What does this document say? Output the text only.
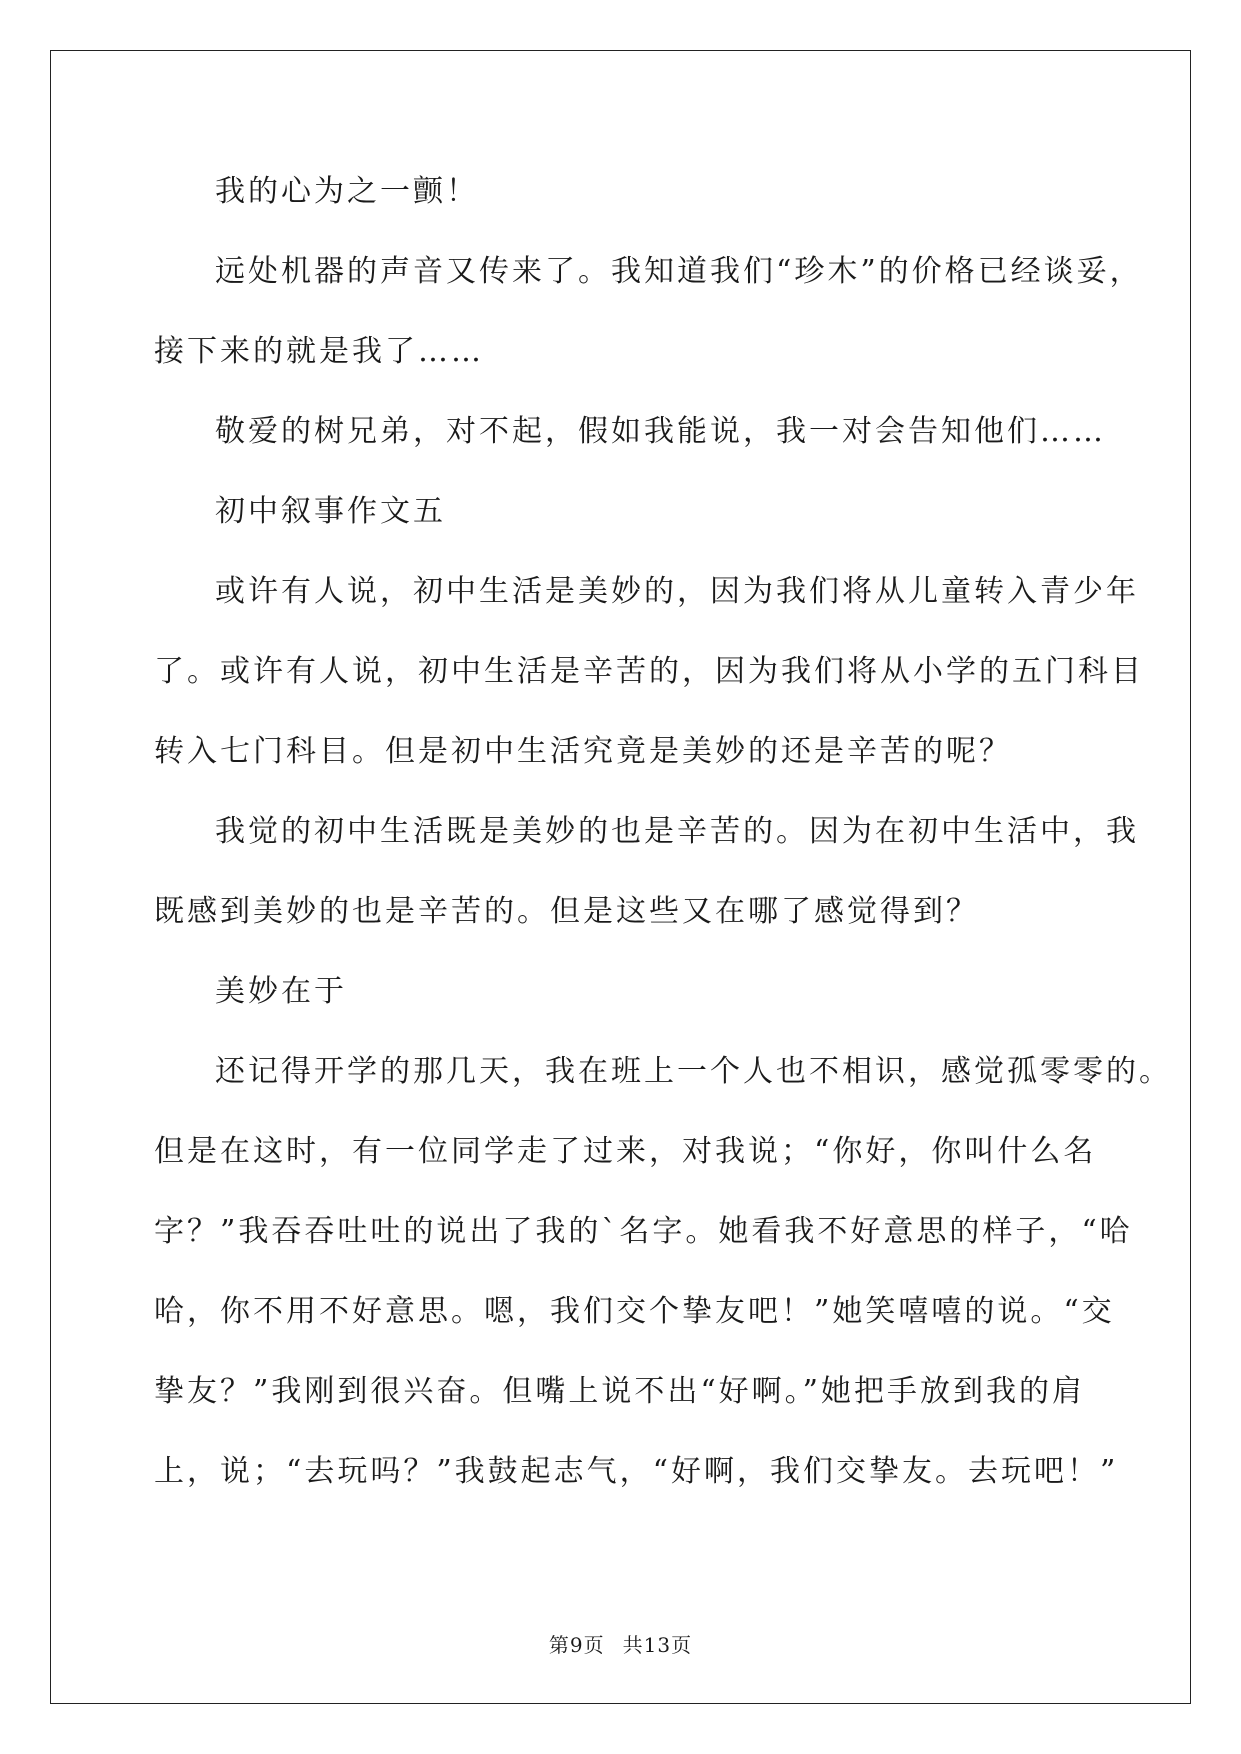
我的心为之一颤！
远处机器的声音又传来了。我知道我们“珍木”的价格已经谈妥，
接下来的就是我了……
敬爱的树兄弟，对不起，假如我能说，我一对会告知他们……
初中叙事作文五
或许有人说，初中生活是美妙的，因为我们将从儿童转入青少年
了。或许有人说，初中生活是辛苦的，因为我们将从小学的五门科目
转入七门科目。但是初中生活究竟是美妙的还是辛苦的呢？
我觉的初中生活既是美妙的也是辛苦的。因为在初中生活中，我
既感到美妙的也是辛苦的。但是这些又在哪了感觉得到？
美妙在于
还记得开学的那几天，我在班上一个人也不相识，感觉孤零零的。
但是在这时，有一位同学走了过来，对我说；“你好，你叫什么名
字？”我吞吞吐吐的说出了我的`名字。她看我不好意思的样子，“哈
哈，你不用不好意思。嗯，我们交个挚友吧！”她笑嘻嘻的说。“交
挚友？”我刚到很兴奋。但嘴上说不出“好啊。”她把手放到我的肩
上，说；“去玩吗？”我鼓起志气，“好啊，我们交挚友。去玩吧！”
第9页 共13页
